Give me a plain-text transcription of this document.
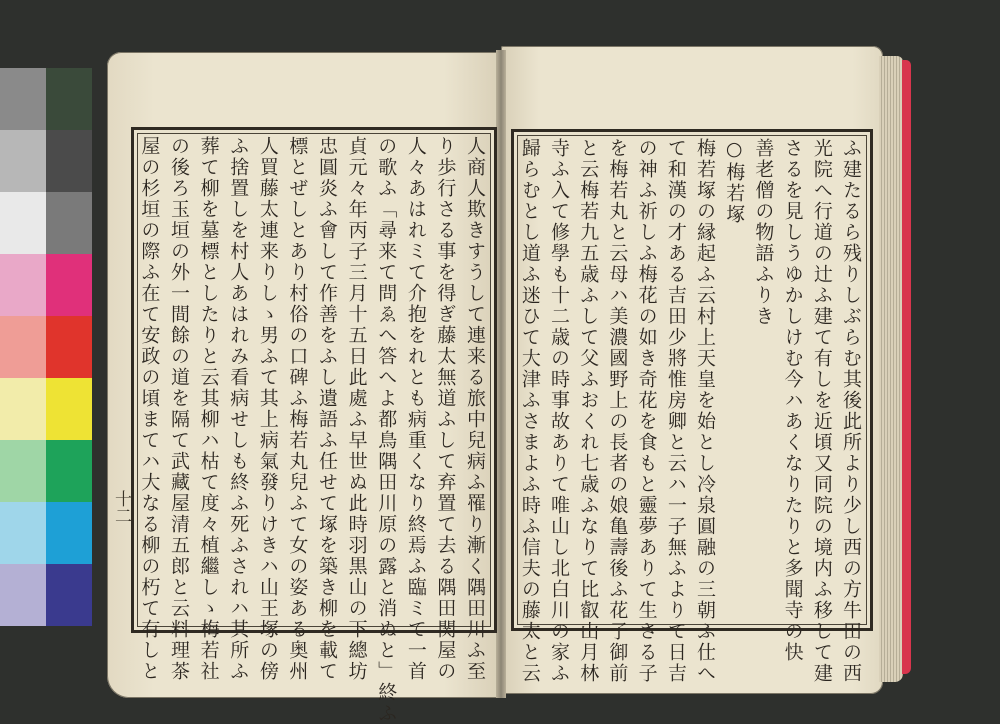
人商人欺きすうして連来る旅中兒病ふ罹り漸く隅田川ふ至
り歩行さる事を得ぎ藤太無道ふして弃置て去る隅田関屋の
人々あはれミて介抱をれとも病重くなり終焉ふ臨ミて一首
の歌ふ「尋来て問ゑへ答へよ都鳥隅田川原の露と消ぬと」終ふ
貞元々年丙子三月十五日此處ふ早世ぬ此時羽黒山の下總坊
忠圓炎ふ會して作善をふし遺語ふ任せて塚を築き柳を載て
標とぜしとあり村俗の口碑ふ梅若丸兒ふて女の姿ある奥州
人買藤太連来りしゝ男ふて其上病氣發りけきハ山王塚の傍
ふ捨置しを村人あはれみ看病せしも終ふ死ふされハ其所ふ
葬て柳を墓標としたりと云其柳ハ枯て度々植繼しゝ梅若社
の後ろ玉垣の外一間餘の道を隔て武藏屋清五郎と云料理茶
屋の杉垣の際ふ在て安政の頃まてハ大なる柳の朽て有しと	ふ建たるら残りしぶらむ其後此所より少し西の方牛田の西
光院へ行道の辻ふ建て有しを近頃又同院の境内ふ移して建
さるを見しうゆかしけむ今ハあくなりたりと多聞寺の快
善老僧の物語ふりき
○梅若塚
梅若塚の縁起ふ云村上天皇を始とし冷泉圓融の三朝ふ仕へ
て和漢の才ある吉田少將惟房卿と云ハ一子無ふよりて日吉
の神ふ祈しふ梅花の如き奇花を食もと靈夢ありて生さる子
を梅若丸と云母ハ美濃國野上の長者の娘亀壽後ふ花子御前
と云梅若九五歳ふして父ふおくれ七歳ふなりて比叡山月林
寺ふ入て修學も十二歳の時事故ありて唯山し北白川の家ふ
歸らむとし道ふ迷ひて大津ふさまよふ時ふ信夫の藤太と云
十二
